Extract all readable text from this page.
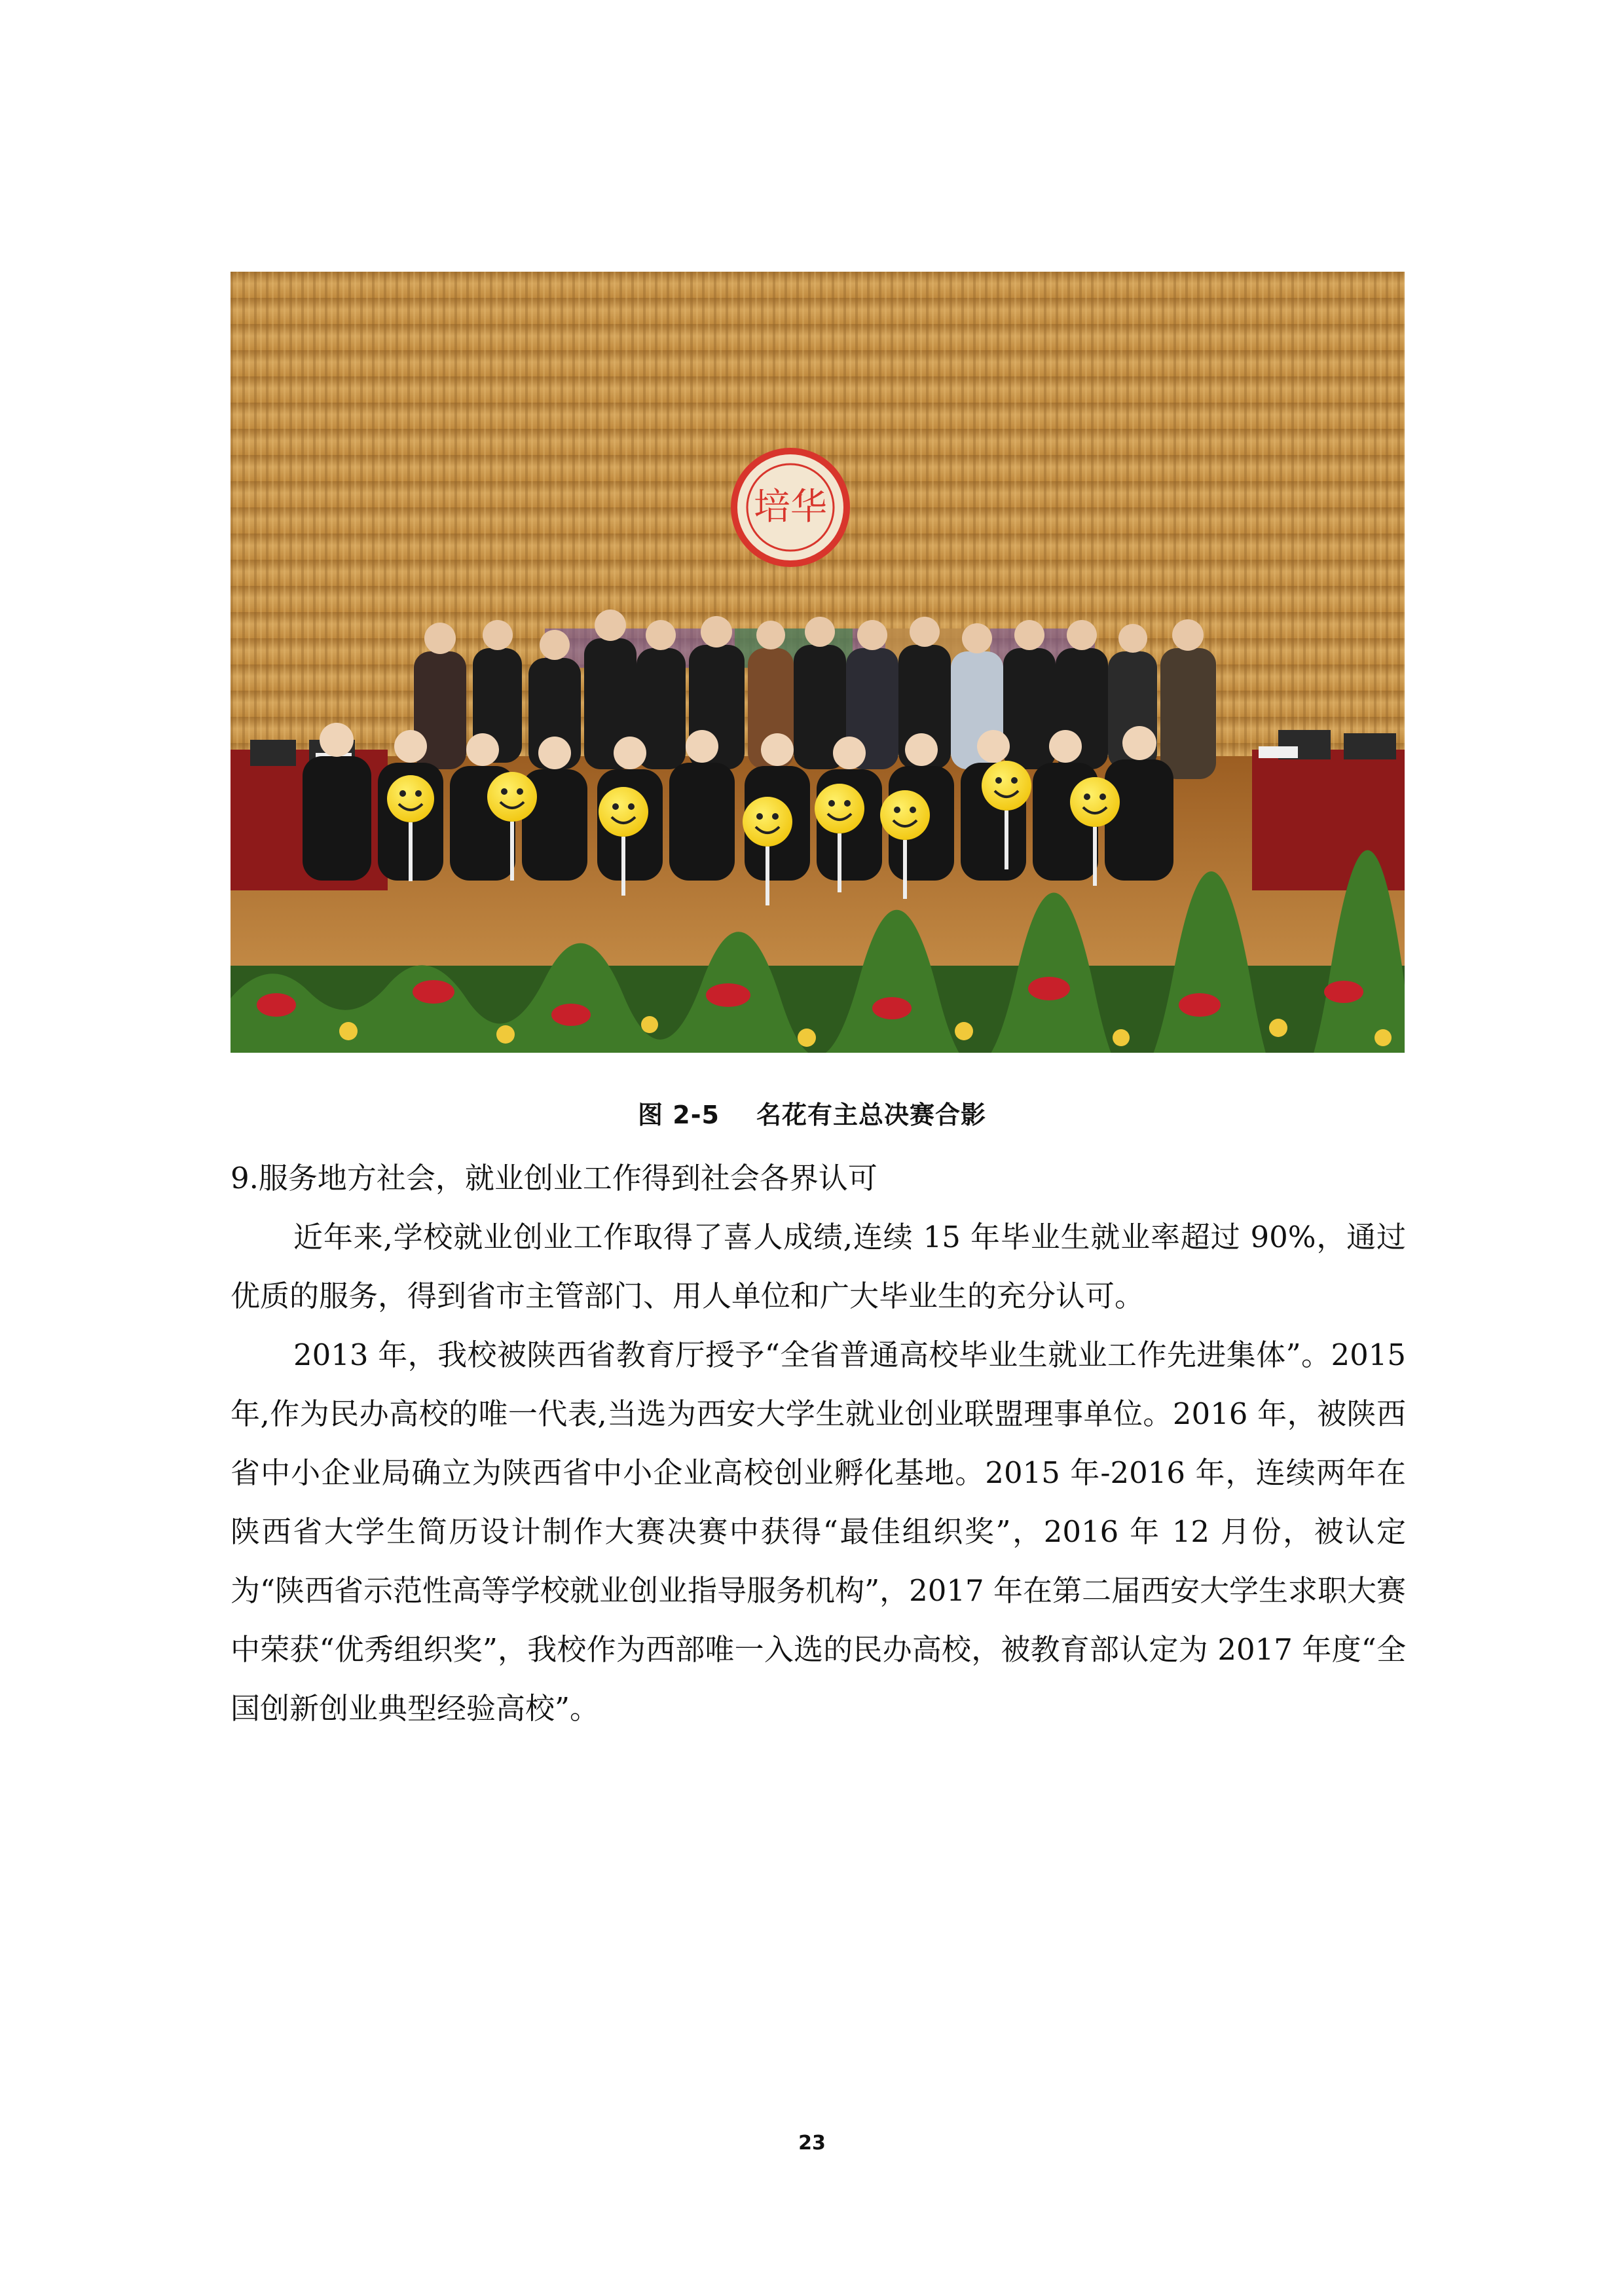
培华
图 2-5 名花有主总决赛合影

9.服务地方社会，就业创业工作得到社会各界认可

近年来,学校就业创业工作取得了喜人成绩,连续 15 年毕业生就业率超过 90%，通过优质的服务，得到省市主管部门、用人单位和广大毕业生的充分认可。

2013 年，我校被陕西省教育厅授予“全省普通高校毕业生就业工作先进集体”。2015 年,作为民办高校的唯一代表,当选为西安大学生就业创业联盟理事单位。2016 年，被陕西省中小企业局确立为陕西省中小企业高校创业孵化基地。2015 年-2016 年，连续两年在陕西省大学生简历设计制作大赛决赛中获得“最佳组织奖”，2016 年 12 月份，被认定为“陕西省示范性高等学校就业创业指导服务机构”，2017 年在第二届西安大学生求职大赛中荣获“优秀组织奖”，我校作为西部唯一入选的民办高校，被教育部认定为 2017 年度“全国创新创业典型经验高校”。

23
